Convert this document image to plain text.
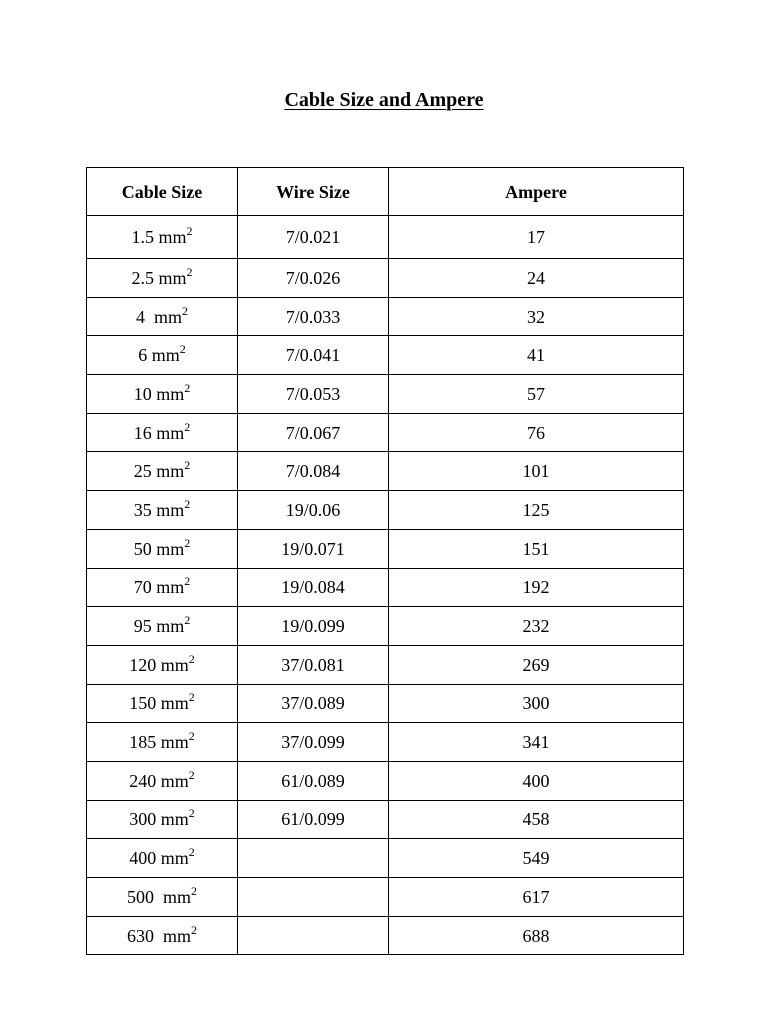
Cable Size and Ampere
Cable Size	Wire Size	Ampere
1.5 $mm^2$	7/0.021	17
2.5 $mm^2$	7/0.026	24
4  $mm^2$	7/0.033	32
6 $mm^2$	7/0.041	41
10 $mm^2$	7/0.053	57
16 $mm^2$	7/0.067	76
25 $mm^2$	7/0.084	101
35 $mm^2$	19/0.06	125
50 $mm^2$	19/0.071	151
70 $mm^2$	19/0.084	192
95 $mm^2$	19/0.099	232
120 $mm^2$	37/0.081	269
150 $mm^2$	37/0.089	300
185 $mm^2$	37/0.099	341
240 $mm^2$	61/0.089	400
300 $mm^2$	61/0.099	458
400 $mm^2$		549
500  $mm^2$		617
630  $mm^2$		688
